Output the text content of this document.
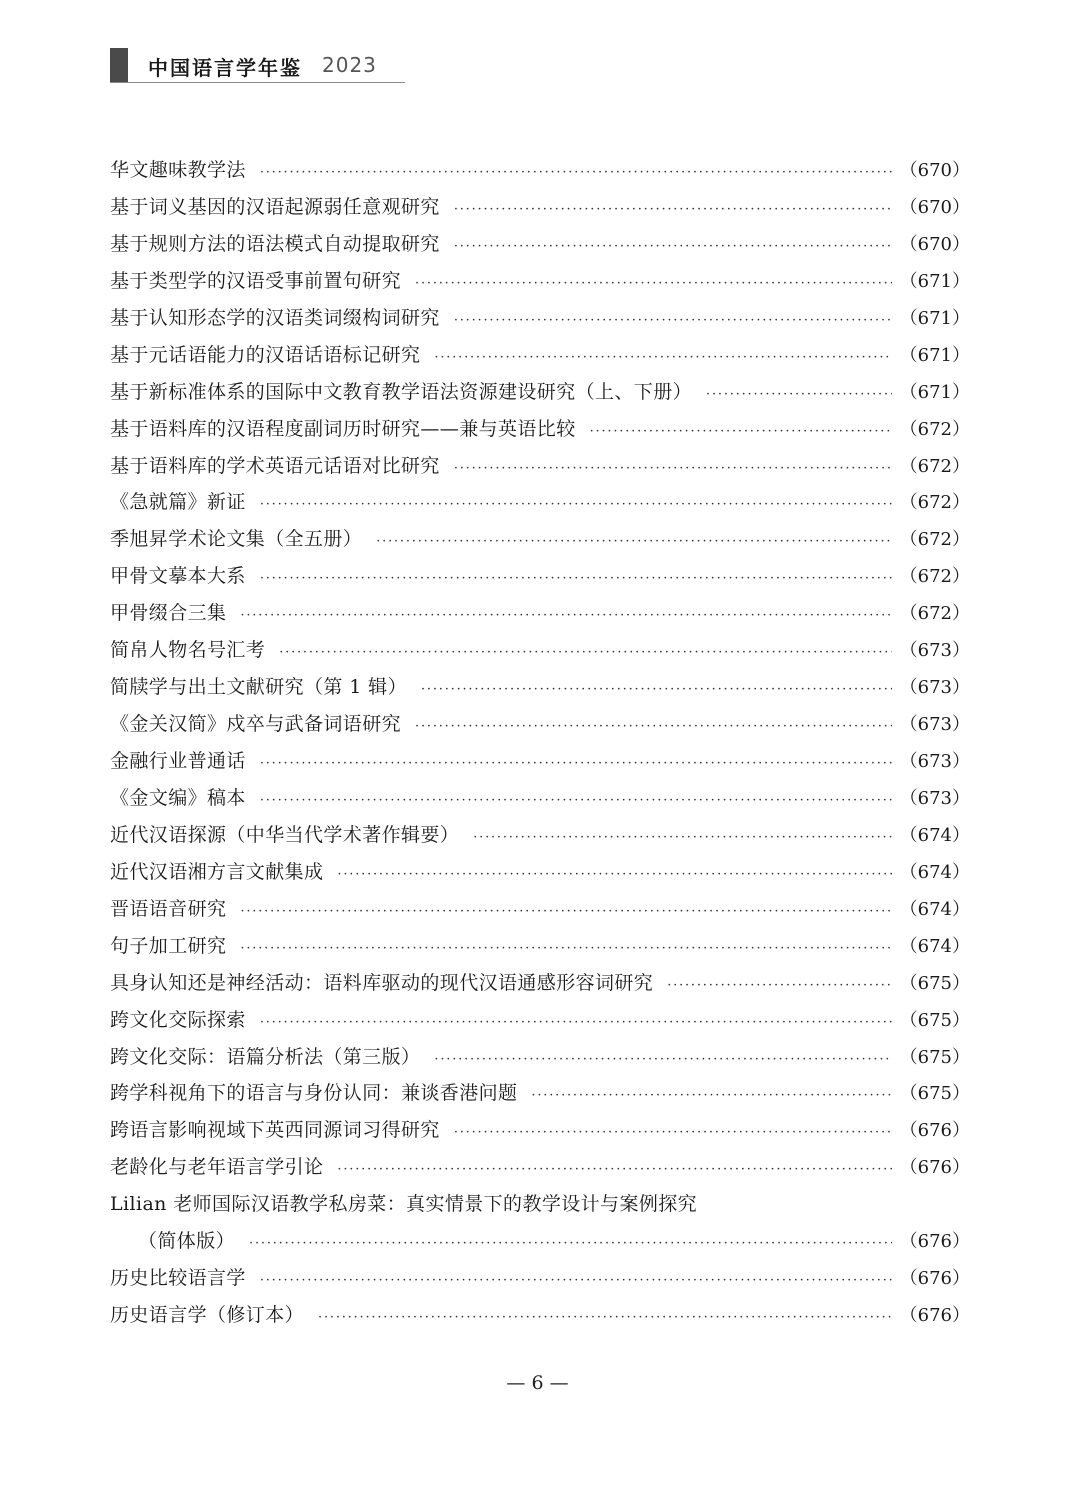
中国语言学年鉴 2023
华文趣味教学法 ·····	（670）
基于词义基因的汉语起源弱任意观研究 ·····	（670）
基于规则方法的语法模式自动提取研究 ·····	（670）
基于类型学的汉语受事前置句研究 ·····	（671）
基于认知形态学的汉语类词缀构词研究 ·····	（671）
基于元话语能力的汉语话语标记研究 ·····	（671）
基于新标准体系的国际中文教育教学语法资源建设研究（上、下册） ·····	（671）
基于语料库的汉语程度副词历时研究——兼与英语比较 ·····	（672）
基于语料库的学术英语元话语对比研究 ·····	（672）
《急就篇》新证 ·····	（672）
季旭昇学术论文集（全五册） ·····	（672）
甲骨文摹本大系 ·····	（672）
甲骨缀合三集 ·····	（672）
简帛人物名号汇考 ·····	（673）
简牍学与出土文献研究（第 1 辑） ·····	（673）
《金关汉简》戍卒与武备词语研究 ·····	（673）
金融行业普通话 ·····	（673）
《金文编》稿本 ·····	（673）
近代汉语探源（中华当代学术著作辑要） ·····	（674）
近代汉语湘方言文献集成 ·····	（674）
晋语语音研究 ·····	（674）
句子加工研究 ·····	（674）
具身认知还是神经活动：语料库驱动的现代汉语通感形容词研究 ·····	（675）
跨文化交际探索 ·····	（675）
跨文化交际：语篇分析法（第三版） ·····	（675）
跨学科视角下的语言与身份认同：兼谈香港问题 ·····	（675）
跨语言影响视域下英西同源词习得研究 ·····	（676）
老龄化与老年语言学引论 ·····	（676）
Lilian 老师国际汉语教学私房菜：真实情景下的教学设计与案例探究
（简体版） ·····	（676）
历史比较语言学 ·····	（676）
历史语言学（修订本） ·····	（676）
— 6 —
